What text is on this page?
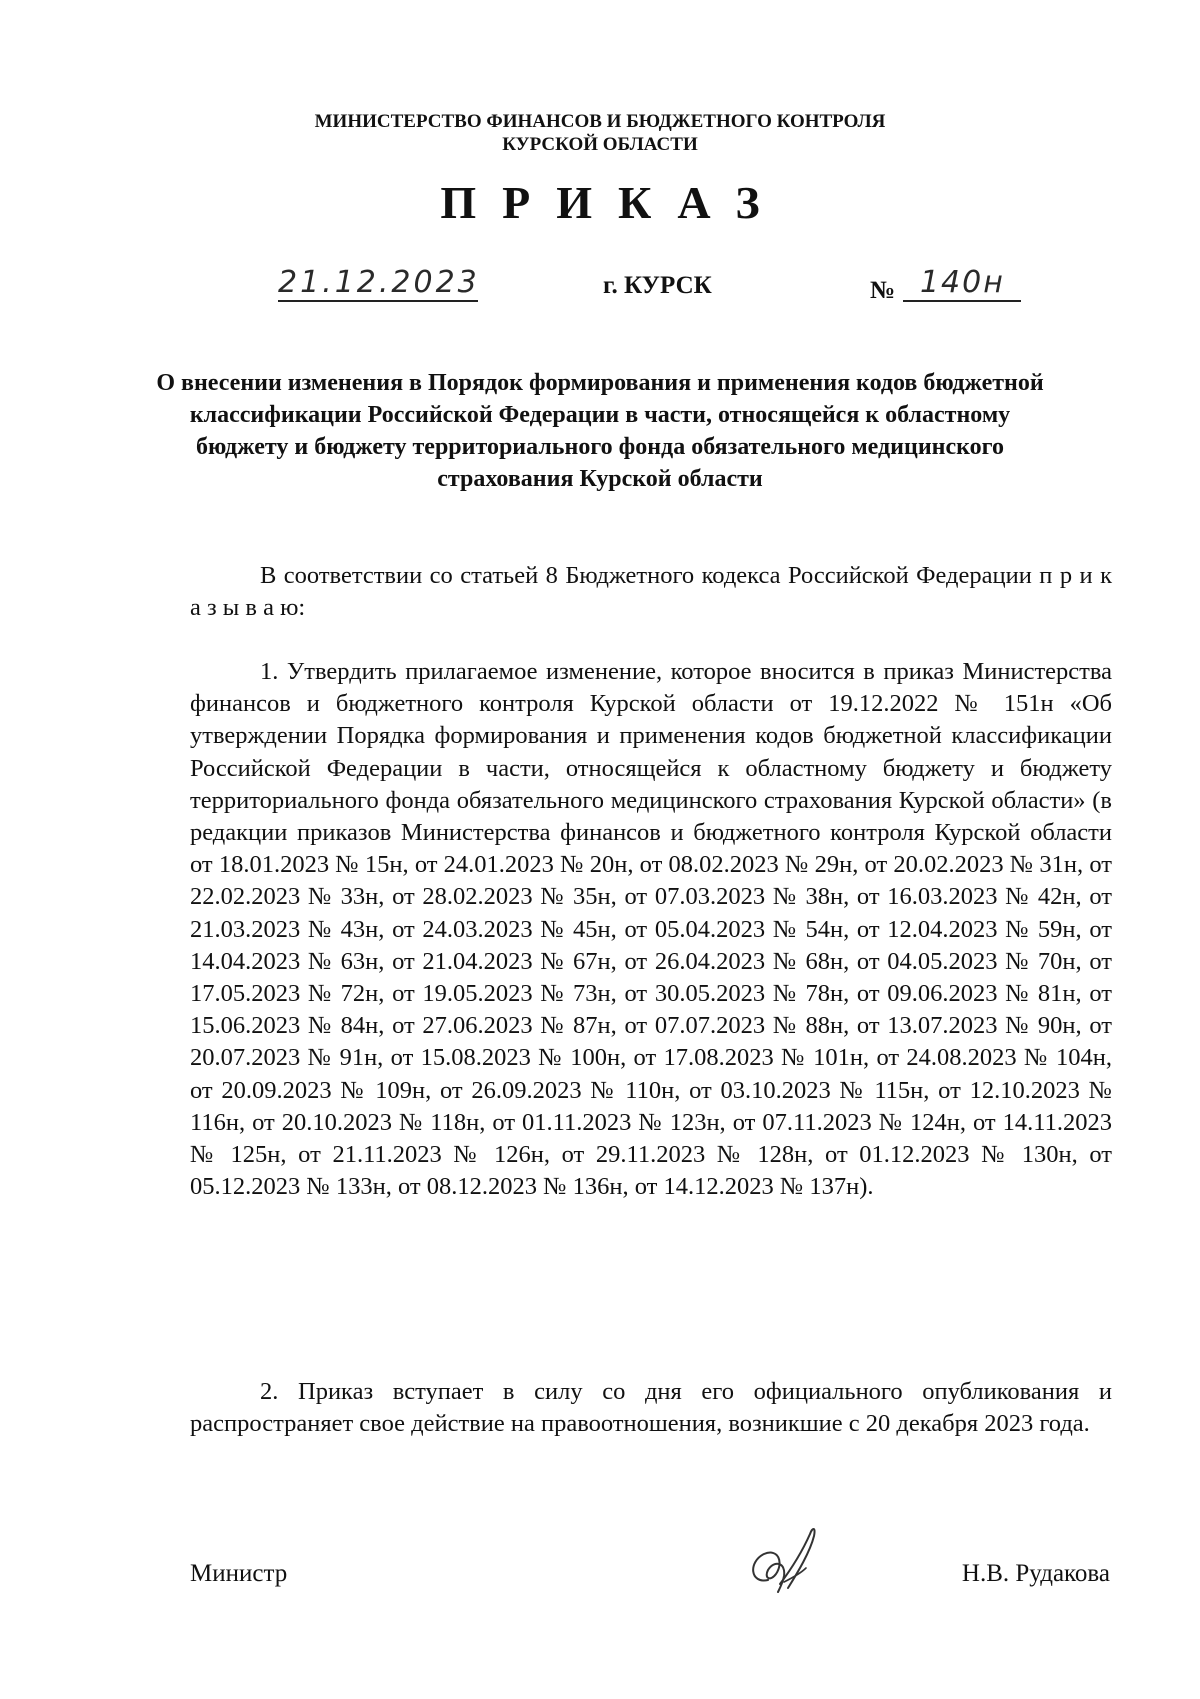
МИНИСТЕРСТВО ФИНАНСОВ И БЮДЖЕТНОГО КОНТРОЛЯ
КУРСКОЙ ОБЛАСТИ
ПРИКАЗ
21.12.2023	г. КУРСК	№ 140н
О внесении изменения в Порядок формирования и применения кодов бюджетной классификации Российской Федерации в части, относящейся к областному бюджету и бюджету территориального фонда обязательного медицинского страхования Курской области
В соответствии со статьей 8 Бюджетного кодекса Российской Федерации п р и к а з ы в а ю:
1. Утвердить прилагаемое изменение, которое вносится в приказ Министерства финансов и бюджетного контроля Курской области от 19.12.2022 № 151н «Об утверждении Порядка формирования и применения кодов бюджетной классификации Российской Федерации в части, относящейся к областному бюджету и бюджету территориального фонда обязательного медицинского страхования Курской области» (в редакции приказов Министерства финансов и бюджетного контроля Курской области от 18.01.2023 № 15н, от 24.01.2023 № 20н, от 08.02.2023 № 29н, от 20.02.2023 № 31н, от 22.02.2023 № 33н, от 28.02.2023 № 35н, от 07.03.2023 № 38н, от 16.03.2023 № 42н, от 21.03.2023 № 43н, от 24.03.2023 № 45н, от 05.04.2023 № 54н, от 12.04.2023 № 59н, от 14.04.2023 № 63н, от 21.04.2023 № 67н, от 26.04.2023 № 68н, от 04.05.2023 № 70н, от 17.05.2023 № 72н, от 19.05.2023 № 73н, от 30.05.2023 № 78н, от 09.06.2023 № 81н, от 15.06.2023 № 84н, от 27.06.2023 № 87н, от 07.07.2023 № 88н, от 13.07.2023 № 90н, от 20.07.2023 № 91н, от 15.08.2023 № 100н, от 17.08.2023 № 101н, от 24.08.2023 № 104н, от 20.09.2023 № 109н, от 26.09.2023 № 110н, от 03.10.2023 № 115н, от 12.10.2023 № 116н, от 20.10.2023 № 118н, от 01.11.2023 № 123н, от 07.11.2023 № 124н, от 14.11.2023 № 125н, от 21.11.2023 № 126н, от 29.11.2023 № 128н, от 01.12.2023 № 130н, от 05.12.2023 № 133н, от 08.12.2023 № 136н, от 14.12.2023 № 137н).
2. Приказ вступает в силу со дня его официального опубликования и распространяет свое действие на правоотношения, возникшие с 20 декабря 2023 года.
Министр	Н.В. Рудакова
